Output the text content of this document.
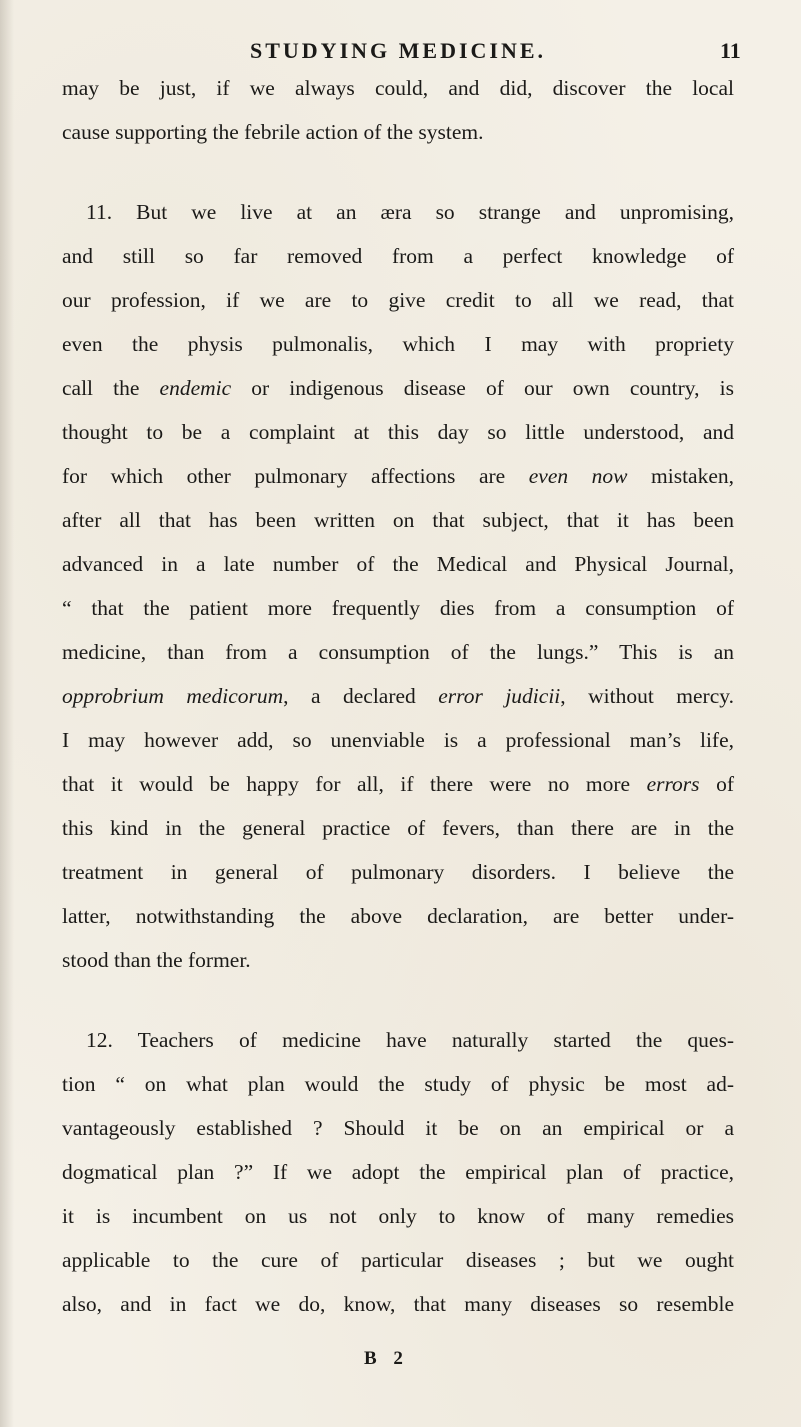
STUDYING MEDICINE.	11
may be just, if we always could, and did, discover the local
cause supporting the febrile action of the system.
11. But we live at an æra so strange and unpromising,
and still so far removed from a perfect knowledge of
our profession, if we are to give credit to all we read, that
even the physis pulmonalis, which I may with propriety
call the endemic or indigenous disease of our own country, is
thought to be a complaint at this day so little understood, and
for which other pulmonary affections are even now mistaken,
after all that has been written on that subject, that it has been
advanced in a late number of the Medical and Physical Journal,
“ that the patient more frequently dies from a consumption of
medicine, than from a consumption of the lungs.” This is an
opprobrium medicorum, a declared error judicii, without mercy.
I may however add, so unenviable is a professional man’s life,
that it would be happy for all, if there were no more errors of
this kind in the general practice of fevers, than there are in the
treatment in general of pulmonary disorders. I believe the
latter, notwithstanding the above declaration, are better under-
stood than the former.
12. Teachers of medicine have naturally started the ques-
tion “ on what plan would the study of physic be most ad-
vantageously established ? Should it be on an empirical or a
dogmatical plan ?” If we adopt the empirical plan of practice,
it is incumbent on us not only to know of many remedies
applicable to the cure of particular diseases ; but we ought
also, and in fact we do, know, that many diseases so resemble
B 2
